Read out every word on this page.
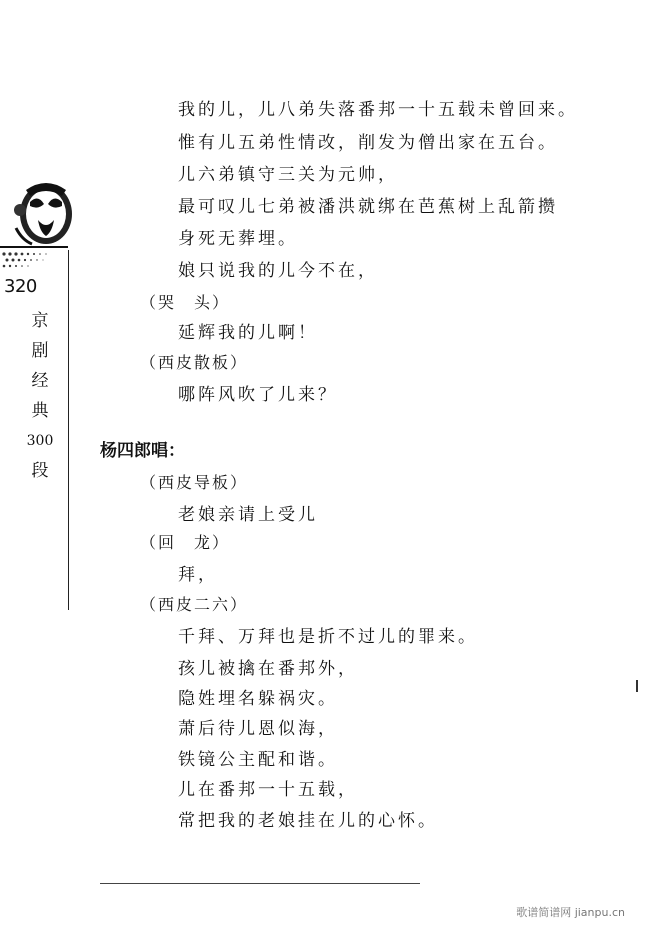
320
京
剧
经
典
300
段
我的儿，儿八弟失落番邦一十五载未曾回来。
惟有儿五弟性情改，削发为僧出家在五台。
儿六弟镇守三关为元帅，
最可叹儿七弟被潘洪就绑在芭蕉树上乱箭攒
身死无葬埋。
娘只说我的儿今不在，
（哭　头）
延辉我的儿啊！
（西皮散板）
哪阵风吹了儿来？
杨四郎唱：
（西皮导板）
老娘亲请上受儿
（回　龙）
拜，
（西皮二六）
千拜、万拜也是折不过儿的罪来。
孩儿被擒在番邦外，
隐姓埋名躲祸灾。
萧后待儿恩似海，
铁镜公主配和谐。
儿在番邦一十五载，
常把我的老娘挂在儿的心怀。
歌谱简谱网 jianpu.cn
